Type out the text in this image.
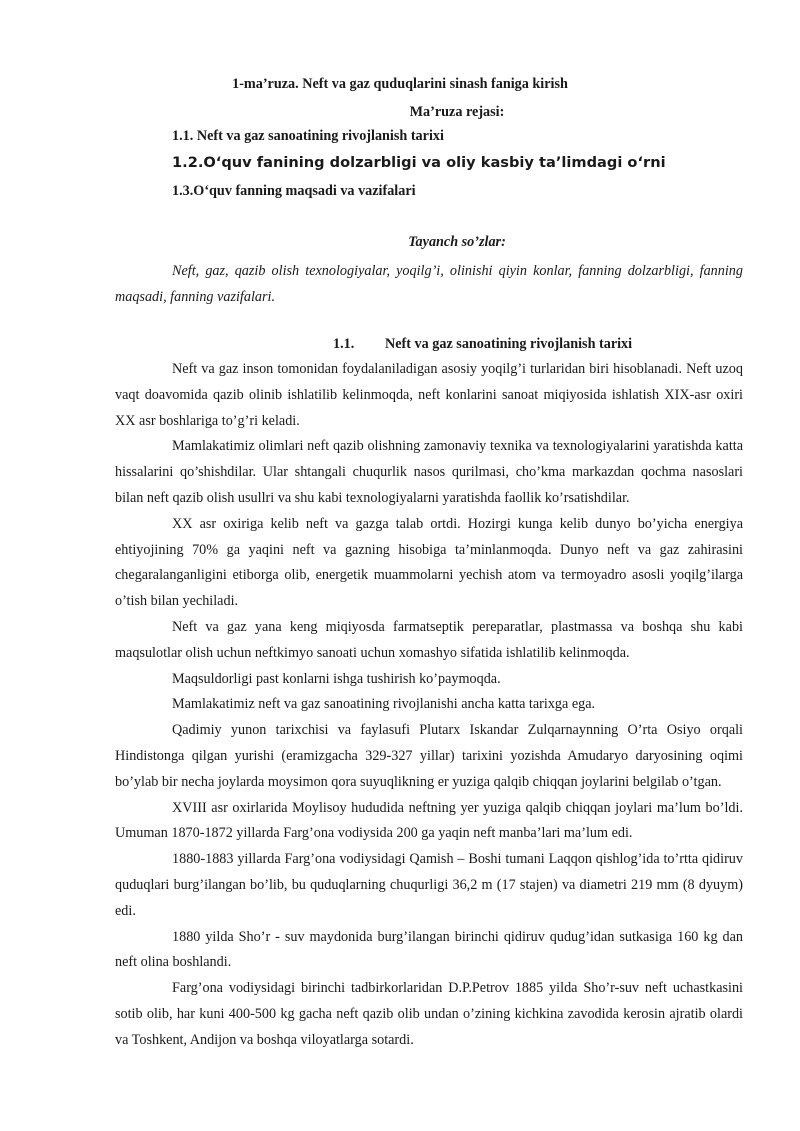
1-ma’ruza. Neft va gaz quduqlarini sinash faniga kirish
Ma’ruza rejasi:
1.1. Neft va gaz sanoatining rivojlanish tarixi
1.2.O‘quv fanining dolzarbligi va oliy kasbiy ta’limdagi o‘rni
1.3.O‘quv fanning maqsadi va vazifalari
Tayanch so’zlar:

Neft, gaz, qazib olish texnologiyalar, yoqilg’i, olinishi qiyin konlar, fanning dolzarbligi, fanning maqsadi, fanning vazifalari.

1.1. Neft va gaz sanoatining rivojlanish tarixi

Neft va gaz inson tomonidan foydalaniladigan asosiy yoqilg’i turlaridan biri hisoblanadi. Neft uzoq vaqt doavomida qazib olinib ishlatilib kelinmoqda, neft konlarini sanoat miqiyosida ishlatish XIX-asr oxiri XX asr boshlariga to’g’ri keladi.

Mamlakatimiz olimlari neft qazib olishning zamonaviy texnika va texnologiyalarini yaratishda katta hissalarini qo’shishdilar. Ular shtangali chuqurlik nasos qurilmasi, cho’kma markazdan qochma nasoslari bilan neft qazib olish usullri va shu kabi texnologiyalarni yaratishda faollik ko’rsatishdilar.

XX asr oxiriga kelib neft va gazga talab ortdi. Hozirgi kunga kelib dunyo bo’yicha energiya ehtiyojining 70% ga yaqini neft va gazning hisobiga ta’minlanmoqda. Dunyo neft va gaz zahirasini chegaralanganligini etiborga olib, energetik muammolarni yechish atom va termoyadro asosli yoqilg’ilarga o’tish bilan yechiladi.

Neft va gaz yana keng miqiyosda farmatseptik pereparatlar, plastmassa va boshqa shu kabi maqsulotlar olish uchun neftkimyo sanoati uchun xomashyo sifatida ishlatilib kelinmoqda.

Maqsuldorligi past konlarni ishga tushirish ko’paymoqda.

Mamlakatimiz neft va gaz sanoatining rivojlanishi ancha katta tarixga ega.

Qadimiy yunon tarixchisi va faylasufi Plutarx Iskandar Zulqarnaynning O’rta Osiyo orqali Hindistonga qilgan yurishi (eramizgacha 329-327 yillar) tarixini yozishda Amudaryo daryosining oqimi bo’ylab bir necha joylarda moysimon qora suyuqlikning er yuziga qalqib chiqqan joylarini belgilab o’tgan.

XVIII asr oxirlarida Moylisoy hududida neftning yer yuziga qalqib chiqqan joylari ma’lum bo’ldi. Umuman 1870-1872 yillarda Farg’ona vodiysida 200 ga yaqin neft manba’lari ma’lum edi.

1880-1883 yillarda Farg’ona vodiysidagi Qamish – Boshi tumani Laqqon qishlog’ida to’rtta qidiruv quduqlari burg’ilangan bo’lib, bu quduqlarning chuqurligi 36,2 m (17 stajen) va diametri 219 mm (8 dyuym) edi.

1880 yilda Sho’r - suv maydonida burg’ilangan birinchi qidiruv qudug’idan sutkasiga 160 kg dan neft olina boshlandi.

Farg’ona vodiysidagi birinchi tadbirkorlaridan D.P.Petrov 1885 yilda Sho’r-suv neft uchastkasini sotib olib, har kuni 400-500 kg gacha neft qazib olib undan o’zining kichkina zavodida kerosin ajratib olardi va Toshkent, Andijon va boshqa viloyatlarga sotardi.
